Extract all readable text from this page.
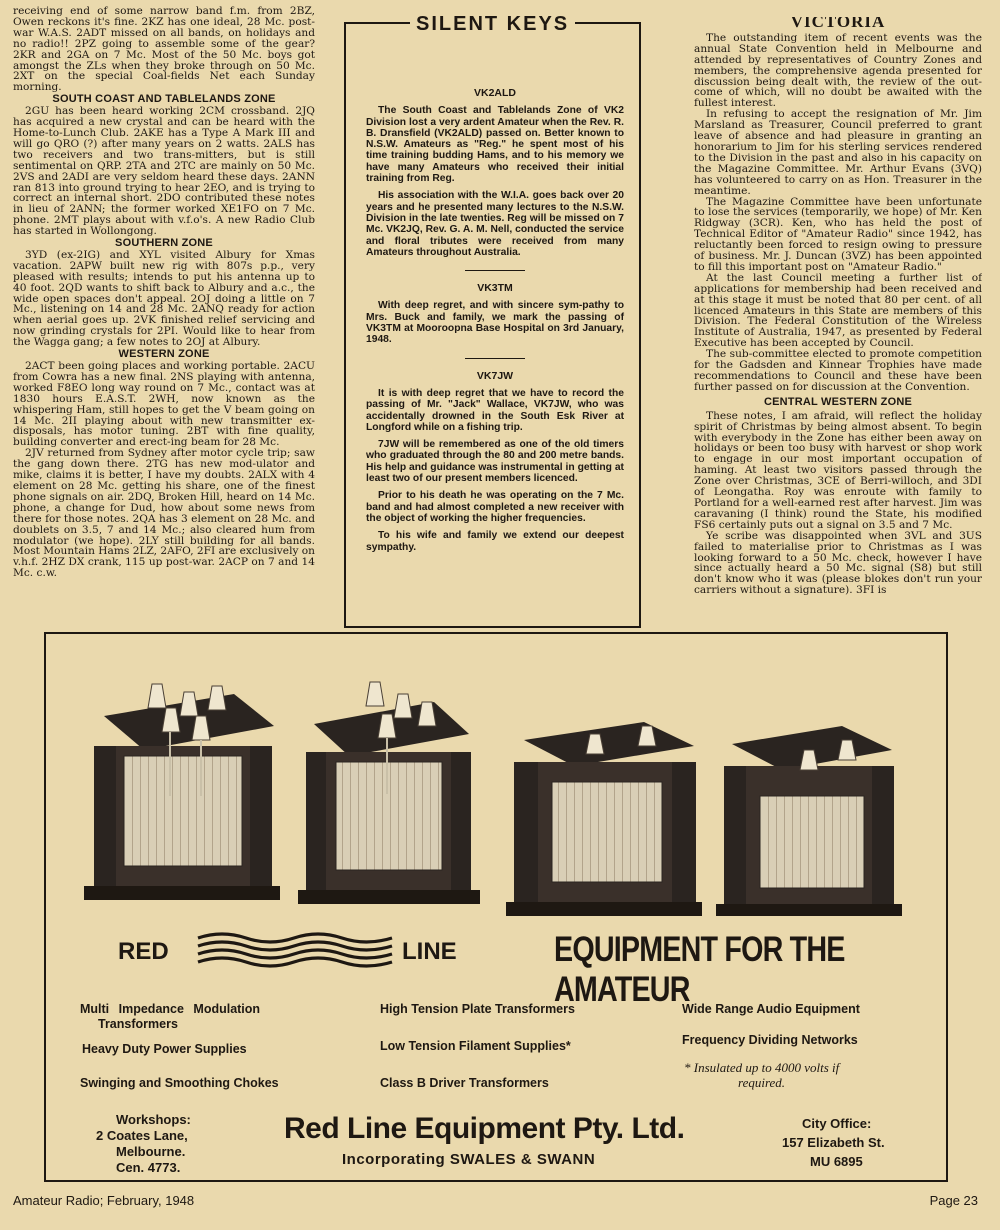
receiving end of some narrow band f.m. from 2BZ, Owen reckons it's fine. 2KZ has one ideal, 28 Mc. post-war W.A.S. 2ADT missed on all bands, on holidays and no radio!! 2PZ going to assemble some of the gear? 2KR and 2GA on 7 Mc. Most of the 50 Mc. boys got amongst the ZLs when they broke through on 50 Mc. 2XT on the special Coal-fields Net each Sunday morning.

SOUTH COAST AND TABLELANDS ZONE

2GU has been heard working 2CM crossband. 2JQ has acquired a new crystal and can be heard with the Home-to-Lunch Club. 2AKE has a Type A Mark III and will go QRO (?) after many years on 2 watts. 2ALS has two receivers and two trans-mitters, but is still sentimental on QRP. 2TA and 2TC are mainly on 50 Mc. 2VS and 2ADI are very seldom heard these days. 2ANN ran 813 into ground trying to hear 2EO, and is trying to correct an internal short. 2DO contributed these notes in lieu of 2ANN; the former worked XE1FO on 7 Mc. phone. 2MT plays about with v.f.o's. A new Radio Club has started in Wollongong.

SOUTHERN ZONE

3YD (ex-2IG) and XYL visited Albury for Xmas vacation. 2APW built new rig with 807s p.p., very pleased with results; intends to put his antenna up to 40 foot. 2QD wants to shift back to Albury and a.c., the wide open spaces don't appeal. 2OJ doing a little on 7 Mc., listening on 14 and 28 Mc. 2ANQ ready for action when aerial goes up. 2VK finished relief servicing and now grinding crystals for 2PI. Would like to hear from the Wagga gang; a few notes to 2OJ at Albury.

WESTERN ZONE

2ACT been going places and working portable. 2ACU from Cowra has a new final. 2NS playing with antenna, worked F8EO long way round on 7 Mc., contact was at 1830 hours E.A.S.T. 2WH, now known as the whispering Ham, still hopes to get the V beam going on 14 Mc. 2II playing about with new transmitter ex-disposals, has motor tuning. 2BT with fine quality, building converter and erect-ing beam for 28 Mc.

2JV returned from Sydney after motor cycle trip; saw the gang down there. 2TG has new mod-ulator and mike, claims it is better, I have my doubts. 2ALX with 4 element on 28 Mc. getting his share, one of the finest phone signals on air. 2DQ, Broken Hill, heard on 14 Mc. phone, a change for Dud, how about some news from there for those notes. 2QA has 3 element on 28 Mc. and doublets on 3.5, 7 and 14 Mc.; also cleared hum from modulator (we hope). 2LY still building for all bands. Most Mountain Hams 2LZ, 2AFO, 2FI are exclusively on v.h.f. 2HZ DX crank, 115 up post-war. 2ACP on 7 and 14 Mc. c.w.

SILENT KEYS
VK2ALD

The South Coast and Tablelands Zone of VK2 Division lost a very ardent Amateur when the Rev. R. B. Dransfield (VK2ALD) passed on. Better known to N.S.W. Amateurs as "Reg." he spent most of his time training budding Hams, and to his memory we have many Amateurs who received their initial training from Reg.

His association with the W.I.A. goes back over 20 years and he presented many lectures to the N.S.W. Division in the late twenties. Reg will be missed on 7 Mc. VK2JQ, Rev. G. A. M. Nell, conducted the service and floral tributes were received from many Amateurs throughout Australia.

VK3TM

With deep regret, and with sincere sym-pathy to Mrs. Buck and family, we mark the passing of VK3TM at Mooroopna Base Hospital on 3rd January, 1948.

VK7JW

It is with deep regret that we have to record the passing of Mr. "Jack" Wallace, VK7JW, who was accidentally drowned in the South Esk River at Longford while on a fishing trip.

7JW will be remembered as one of the old timers who graduated through the 80 and 200 metre bands. His help and guidance was instrumental in getting at least two of our present members licenced.

Prior to his death he was operating on the 7 Mc. band and had almost completed a new receiver with the object of working the higher frequencies.

To his wife and family we extend our deepest sympathy.

VICTORIA

The outstanding item of recent events was the annual State Convention held in Melbourne and attended by representatives of Country Zones and members, the comprehensive agenda presented for discussion being dealt with, the review of the out-come of which, will no doubt be awaited with the fullest interest.

In refusing to accept the resignation of Mr. Jim Marsland as Treasurer, Council preferred to grant leave of absence and had pleasure in granting an honorarium to Jim for his sterling services rendered to the Division in the past and also in his capacity on the Magazine Committee. Mr. Arthur Evans (3VQ) has volunteered to carry on as Hon. Treasurer in the meantime.

The Magazine Committee have been unfortunate to lose the services (temporarily, we hope) of Mr. Ken Ridgway (3CR). Ken, who has held the post of Technical Editor of "Amateur Radio" since 1942, has reluctantly been forced to resign owing to pressure of business. Mr. J. Duncan (3VZ) has been appointed to fill this important post on "Amateur Radio."

At the last Council meeting a further list of applications for membership had been received and at this stage it must be noted that 80 per cent. of all licenced Amateurs in this State are members of this Division. The Federal Constitution of the Wireless Institute of Australia, 1947, as presented by Federal Executive has been accepted by Council.

The sub-committee elected to promote competition for the Gadsden and Kinnear Trophies have made recommendations to Council and these have been further passed on for discussion at the Convention.

CENTRAL WESTERN ZONE

These notes, I am afraid, will reflect the holiday spirit of Christmas by being almost absent. To begin with everybody in the Zone has either been away on holidays or been too busy with harvest or shop work to engage in our most important occupation of haming. At least two visitors passed through the Zone over Christmas, 3CE of Berri-willoch, and 3DI of Leongatha. Roy was enroute with family to Portland for a well-earned rest after harvest. Jim was caravaning (I think) round the State, his modified FS6 certainly puts out a signal on 3.5 and 7 Mc.

Ye scribe was disappointed when 3VL and 3US failed to materialise prior to Christmas as I was looking forward to a 50 Mc. check, however I have since actually heard a 50 Mc. signal (S8) but still don't know who it was (please blokes don't run your carriers without a signature). 3FI is

RED	LINE	EQUIPMENT FOR THE AMATEUR
Multi Impedance Modulation
Transformers
Heavy Duty Power Supplies
Swinging and Smoothing Chokes
High Tension Plate Transformers
Low Tension Filament Supplies*
Class B Driver Transformers
Wide Range Audio Equipment
Frequency Dividing Networks
* Insulated up to 4000 volts if
required.
Workshops:
2 Coates Lane,
Melbourne.
Cen. 4773.
Red Line Equipment Pty. Ltd.
Incorporating SWALES & SWANN
City Office:
157 Elizabeth St.
MU 6895
Amateur Radio; February, 1948	Page 23
